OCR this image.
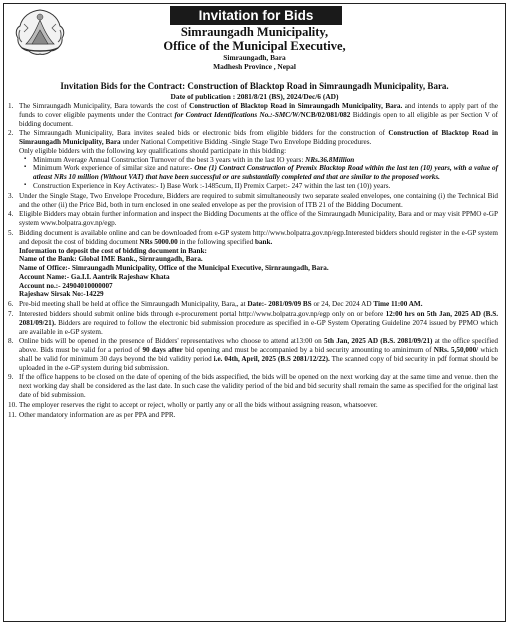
Invitation for Bids
Simraungadh Municipality,
Office of the Municipal Executive,
Simraungadh, Bara
Madhesh Province , Nepal
Invitation Bids for the Contract: Construction of Blacktop Road in Simraungadh Municipality, Bara.
Date of publication : 2081/8/21 (BS), 2024/Dec/6 (AD)
1. The Simraungadh Municipality, Bara towards the cost of Construction of Blacktop Road in Simraungadh Municipality, Bara. and intends to apply part of the funds to cover eligible payments under the Contract for Contract Identifications No.:-SMC/W/NCB/02/081/082 Biddingis open to all eligible as per Section V of bidding document.
2. The Simraungadh Municipality, Bara invites sealed bids or electronic bids from eligible bidders for the construction of Construction of Blacktop Road in Simraungadh Municipality, Bara under National Competitive Bidding -Single Stage Two Envelope Bidding procedures.
Only eligible bidders with the following key qualifications should participate in this bidding:
▪ Minimum Average Annual Construction Turnover of the best 3 years with in the last IO years: NRs.36.8Million
▪ Minimum Work experience of similar size and nature:- One (1) Contract Construction of Premix Blacktop Road within the last ten (10) years, with a value of atleast NRs 10 million (Without VAT) that have been successful or are substantially completed and that are similar to the proposed works.
▪ Construction Experience in Key Activates:- I) Base Work :-1485cum, II) Premix Carpet:- 247 within the last ten (10)) years.
3. Under the Single Stage, Two Envelope Procedure, Bidders are required to submit simultaneously two separate sealed envelopes, one containing (i) the Technical Bid and the other (ii) the Price Bid, both in turn enclosed in one sealed envelope as per the provision of ITB 21 of the Bidding Document.
4. Eligible Bidders may obtain further information and inspect the Bidding Documents at the office of the Simraungadh Municipality, Bara and or may visit PPMO e-GP system www.bolpatra.gov.np/egp.
5. Bidding document is available online and can be downloaded from e-GP system http://www.bolpatra.gov.np/egp.Interested bidders should register in the e-GP system and deposit the cost of bidding document NRs 5000.00 in the following specified bank.
Information to deposit the cost of bidding document in Bank:
Name of the Bank: Global IME Bank., Sirnraungadh, Bara.
Name of Office:- Simraungadh Municipality, Office of the Municipal Executive, Sirnraungadh, Bara.
Account Name:- Ga.I.I. Aantrik Rajeshaw Khata
Account no.:- 24904010000007
Rajeshaw Sirsak No:-14229
6. Pre-bid meeting shall be held at office the Simraungadh Municipality, Bara,, at Date:- 2081/09/09 BS or 24, Dec 2024 AD Time 11:00 AM.
7. Interested bidders should submit online bids through e-procurement portal http://www.bolpatra.gov.np/egp only on or before 12:00 hrs on 5th Jan, 2025 AD (B.S. 2081/09/21). Bidders are required to follow the electronic bid submission procedure as specified in e-GP System Operating Guideline 2074 issued by PPMO which are available in e-GP system.
8. Online bids will be opened in the presence of Bidders' representatives who choose to attend at13:00 on 5th Jan, 2025 AD (B.S. 2081/09/21) at the office specified above. Bids must be valid for a period of 90 days after bid opening and must be accompanied by a bid security amounting to aminimum of NRs. 5,50,000/ which shall be valid for minimum 30 days beyond the bid validity period i.e. 04th, April, 2025 (B.S 2081/12/22). The scanned copy of bid security in pdf format should be uploaded in the e-GP system during bid submission.
9. If the office happens to be closed on the date of opening of the bids asspecified, the bids will be opened on the next working day at the same time and venue. then the next working day shall be considered as the last date. In such case the validity period of the bid and bid security shall remain the same as specified for the original last date of bid submission.
10. The employer reserves the right to accept or reject, wholly or partly any or all the bids without assigning reason, whatsoever.
11. Other mandatory information are as per PPA and PPR.
